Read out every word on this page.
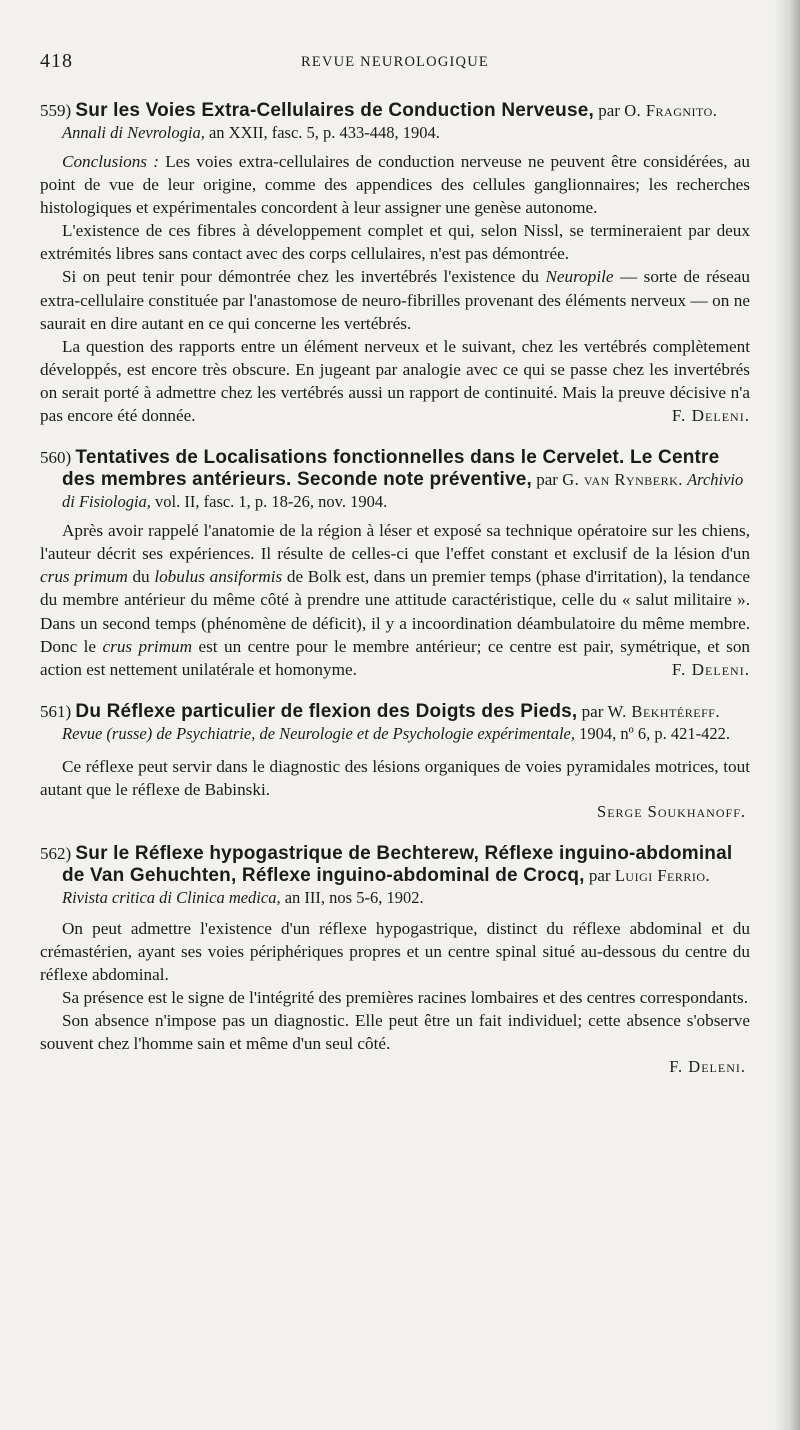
418	REVUE NEUROLOGIQUE

559) Sur les Voies Extra-Cellulaires de Conduction Nerveuse, par O. Fragnito. Annali di Nevrologia, an XXII, fasc. 5, p. 433-448, 1904.

Conclusions : Les voies extra-cellulaires de conduction nerveuse ne peuvent être considérées, au point de vue de leur origine, comme des appendices des cellules ganglionnaires; les recherches histologiques et expérimentales concordent à leur assigner une genèse autonome.

L'existence de ces fibres à développement complet et qui, selon Nissl, se termineraient par deux extrémités libres sans contact avec des corps cellulaires, n'est pas démontrée.

Si on peut tenir pour démontrée chez les invertébrés l'existence du Neuropile — sorte de réseau extra-cellulaire constituée par l'anastomose de neuro-fibrilles provenant des éléments nerveux — on ne saurait en dire autant en ce qui concerne les vertébrés.

La question des rapports entre un élément nerveux et le suivant, chez les vertébrés complètement développés, est encore très obscure. En jugeant par analogie avec ce qui se passe chez les invertébrés on serait porté à admettre chez les vertébrés aussi un rapport de continuité. Mais la preuve décisive n'a pas encore été donnée.	F. Deleni.

560) Tentatives de Localisations fonctionnelles dans le Cervelet. Le Centre des membres antérieurs. Seconde note préventive, par G. van Rynberk. Archivio di Fisiologia, vol. II, fasc. 1, p. 18-26, nov. 1904.

Après avoir rappelé l'anatomie de la région à léser et exposé sa technique opératoire sur les chiens, l'auteur décrit ses expériences. Il résulte de celles-ci que l'effet constant et exclusif de la lésion d'un crus primum du lobulus ansiformis de Bolk est, dans un premier temps (phase d'irritation), la tendance du membre antérieur du même côté à prendre une attitude caractéristique, celle du « salut militaire ». Dans un second temps (phénomène de déficit), il y a incoordination déambulatoire du même membre. Donc le crus primum est un centre pour le membre antérieur; ce centre est pair, symétrique, et son action est nettement unilatérale et homonyme.	F. Deleni.

561) Du Réflexe particulier de flexion des Doigts des Pieds, par W. Bekhtéreff. Revue (russe) de Psychiatrie, de Neurologie et de Psychologie expérimentale, 1904, nº 6, p. 421-422.

Ce réflexe peut servir dans le diagnostic des lésions organiques de voies pyramidales motrices, tout autant que le réflexe de Babinski.

Serge Soukhanoff.

562) Sur le Réflexe hypogastrique de Bechterew, Réflexe inguino-abdominal de Van Gehuchten, Réflexe inguino-abdominal de Crocq, par Luigi Ferrio. Rivista critica di Clinica medica, an III, nos 5-6, 1902.

On peut admettre l'existence d'un réflexe hypogastrique, distinct du réflexe abdominal et du crémastérien, ayant ses voies périphériques propres et un centre spinal situé au-dessous du centre du réflexe abdominal.

Sa présence est le signe de l'intégrité des premières racines lombaires et des centres correspondants.

Son absence n'impose pas un diagnostic. Elle peut être un fait individuel; cette absence s'observe souvent chez l'homme sain et même d'un seul côté.

F. Deleni.
